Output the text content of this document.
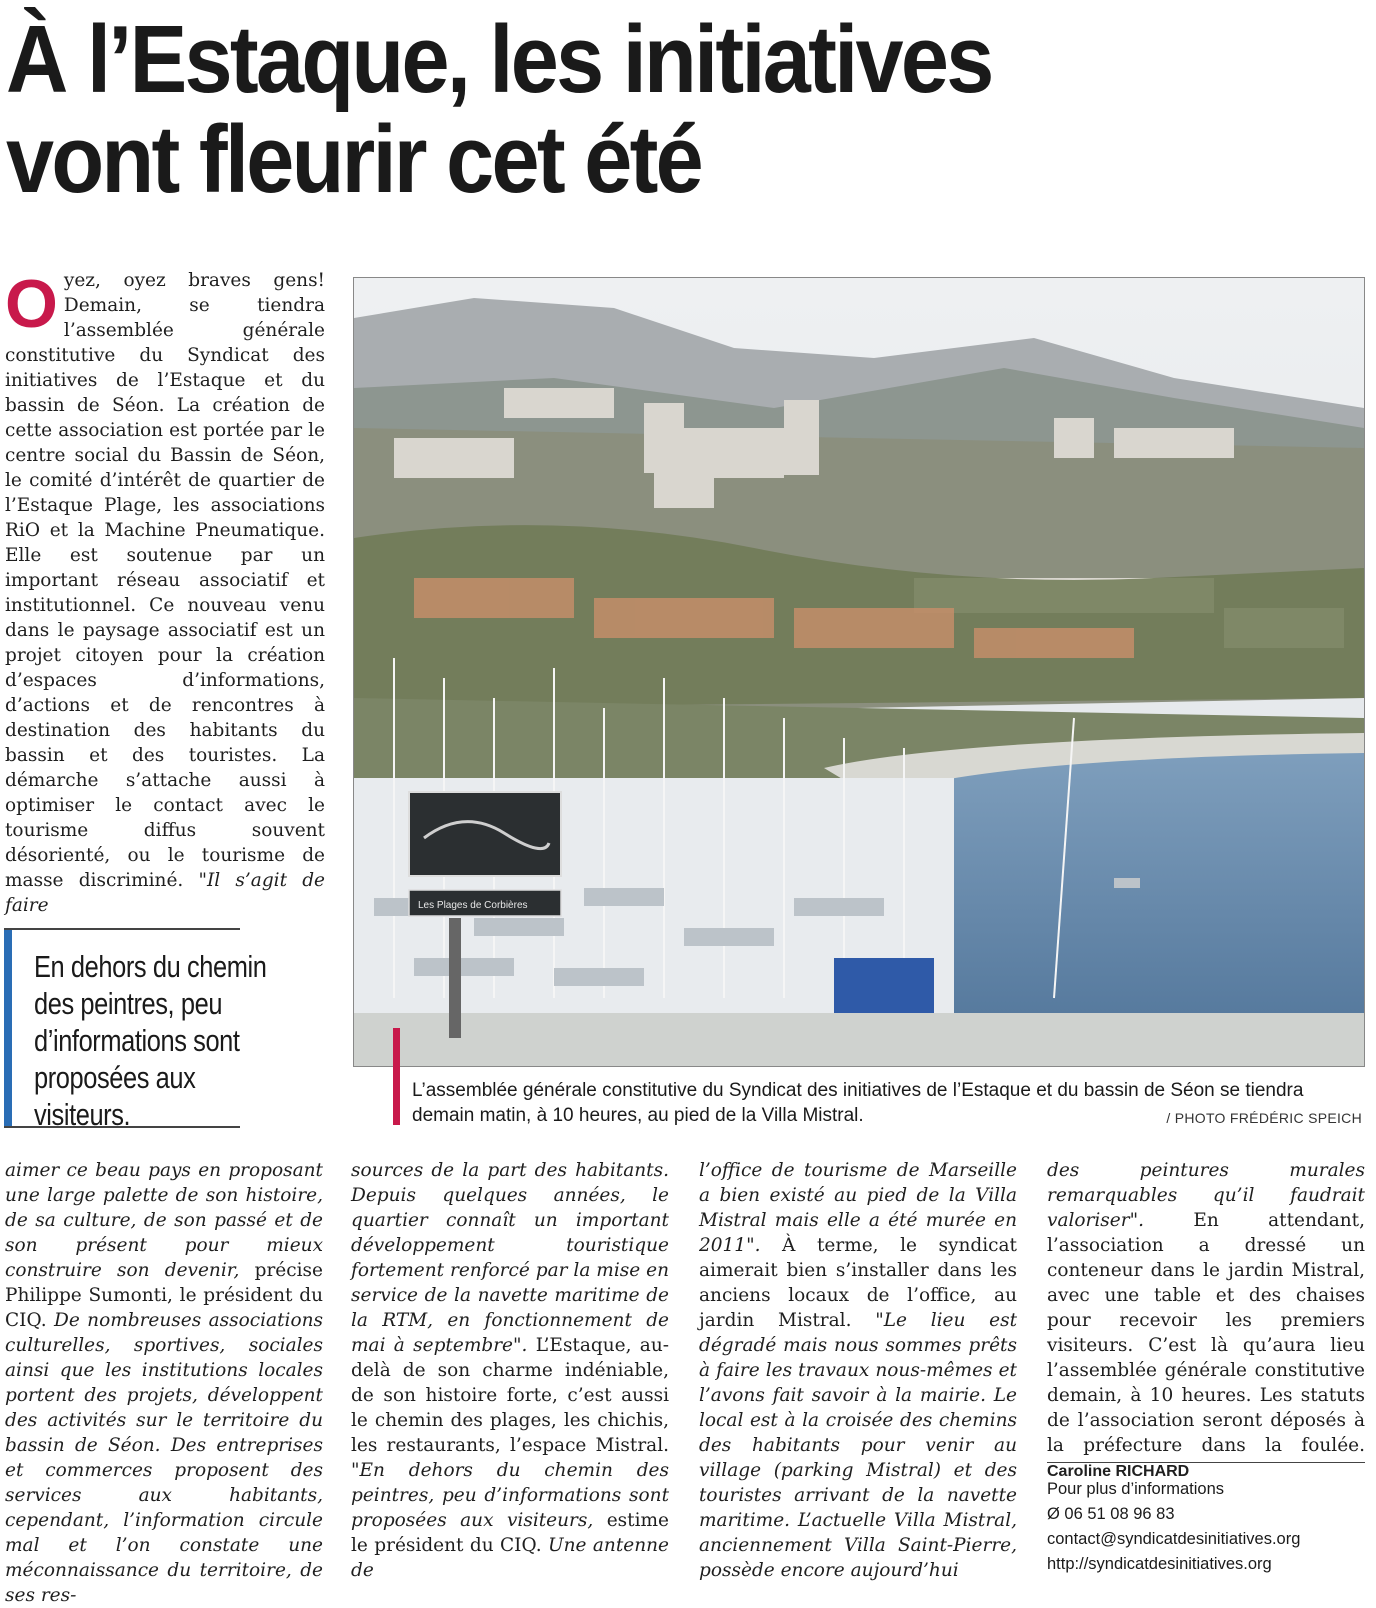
À l’Estaque, les initiatives
vont fleurir cet été

Oyez, oyez braves gens! Demain, se tiendra l’assemblée générale constitutive du Syndicat des initiatives de l’Estaque et du bassin de Séon. La création de cette association est portée par le centre social du Bassin de Séon, le comité d’intérêt de quartier de l’Estaque Plage, les associations RiO et la Machine Pneumatique. Elle est soutenue par un important réseau associatif et institutionnel. Ce nouveau venu dans le paysage associatif est un projet citoyen pour la création d’espaces d’informations, d’actions et de rencontres à destination des habitants du bassin et des touristes. La démarche s’attache aussi à optimiser le contact avec le tourisme diffus souvent désorienté, ou le tourisme de masse discriminé. "Il s’agit de faire

En dehors du chemin des peintres, peu d’informations sont proposées aux visiteurs.

Les Plages de Corbières

L’assemblée générale constitutive du Syndicat des initiatives de l’Estaque et du bassin de Séon se tiendra demain matin, à 10 heures, au pied de la Villa Mistral.	/ PHOTO FRÉDÉRIC SPEICH

aimer ce beau pays en proposant une large palette de son histoire, de sa culture, de son passé et de son présent pour mieux construire son devenir, précise Philippe Sumonti, le président du CIQ. De nombreuses associations culturelles, sportives, sociales ainsi que les institutions locales portent des projets, développent des activités sur le territoire du bassin de Séon. Des entreprises et commerces proposent des services aux habitants, cependant, l’information circule mal et l’on constate une méconnaissance du territoire, de ses res-

sources de la part des habitants. Depuis quelques années, le quartier connaît un important développement touristique fortement renforcé par la mise en service de la navette maritime de la RTM, en fonctionnement de mai à septembre". L’Estaque, au-delà de son charme indéniable, de son histoire forte, c’est aussi le chemin des plages, les chichis, les restaurants, l’espace Mistral. "En dehors du chemin des peintres, peu d’informations sont proposées aux visiteurs, estime le président du CIQ. Une antenne de

l’office de tourisme de Marseille a bien existé au pied de la Villa Mistral mais elle a été murée en 2011". À terme, le syndicat aimerait bien s’installer dans les anciens locaux de l’office, au jardin Mistral. "Le lieu est dégradé mais nous sommes prêts à faire les travaux nous-mêmes et l’avons fait savoir à la mairie. Le local est à la croisée des chemins des habitants pour venir au village (parking Mistral) et des touristes arrivant de la navette maritime. L’actuelle Villa Mistral, anciennement Villa Saint-Pierre, possède encore aujourd’hui

des peintures murales remarquables qu’il faudrait valoriser". En attendant, l’association a dressé un conteneur dans le jardin Mistral, avec une table et des chaises pour recevoir les premiers visiteurs. C’est là qu’aura lieu l’assemblée générale constitutive demain, à 10 heures. Les statuts de l’association seront déposés à la préfecture dans la foulée. Caroline RICHARD

Pour plus d’informations
Ø 06 51 08 96 83
contact@syndicatdesinitiatives.org
http://syndicatdesinitiatives.org
